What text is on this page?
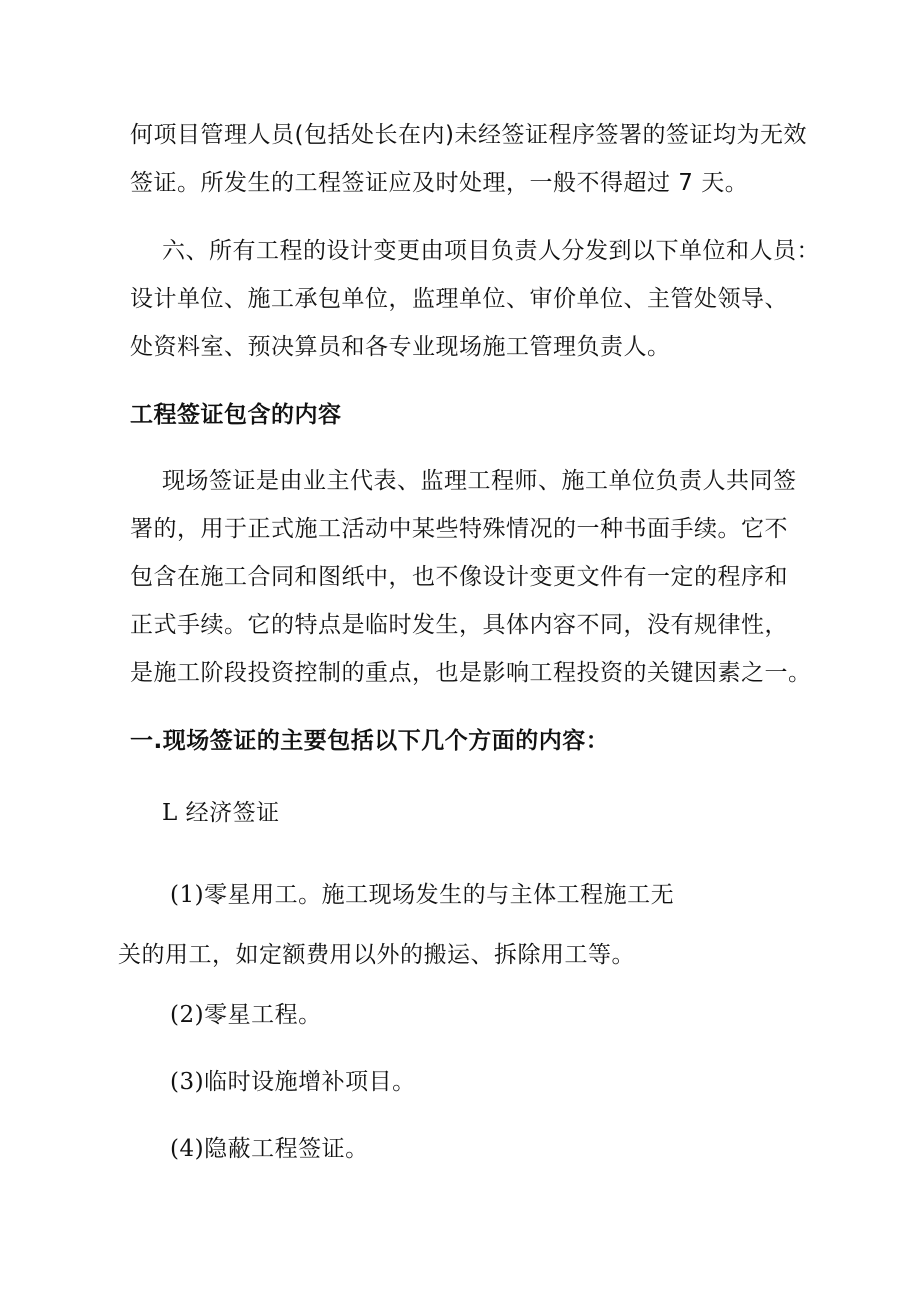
何项目管理人员(包括处长在内)未经签证程序签署的签证均为无效
签证。所发生的工程签证应及时处理，一般不得超过 7 天。
六、所有工程的设计变更由项目负责人分发到以下单位和人员：
设计单位、施工承包单位，监理单位、审价单位、主管处领导、
处资料室、预决算员和各专业现场施工管理负责人。
工程签证包含的内容
现场签证是由业主代表、监理工程师、施工单位负责人共同签
署的，用于正式施工活动中某些特殊情况的一种书面手续。它不
包含在施工合同和图纸中，也不像设计变更文件有一定的程序和
正式手续。它的特点是临时发生，具体内容不同，没有规律性，
是施工阶段投资控制的重点，也是影响工程投资的关键因素之一。
一.现场签证的主要包括以下几个方面的内容：
L 经济签证
(1)零星用工。施工现场发生的与主体工程施工无
关的用工，如定额费用以外的搬运、拆除用工等。
(2)零星工程。
(3)临时设施增补项目。
(4)隐蔽工程签证。
